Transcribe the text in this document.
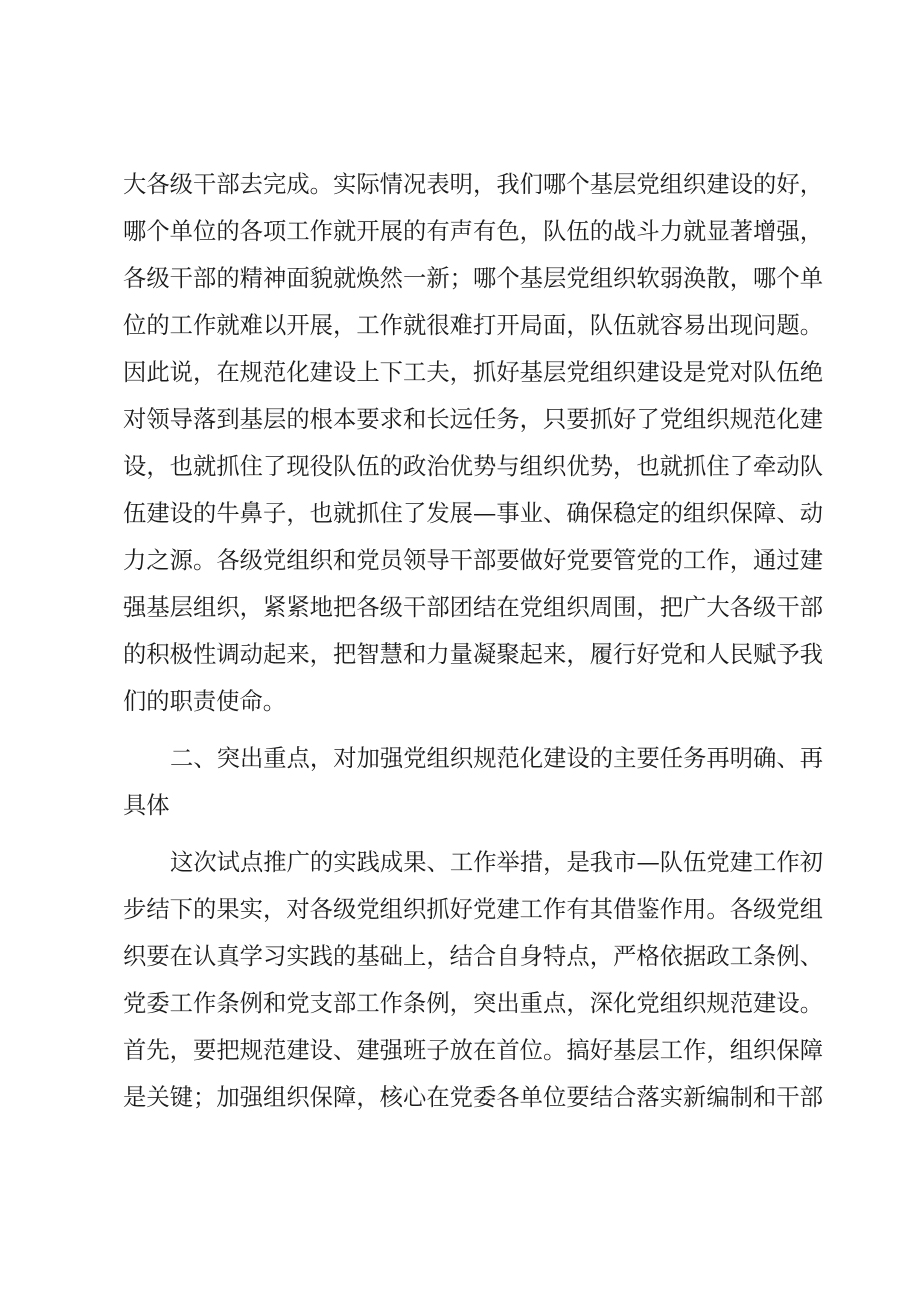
大各级干部去完成。实际情况表明，我们哪个基层党组织建设的好，
哪个单位的各项工作就开展的有声有色，队伍的战斗力就显著增强，
各级干部的精神面貌就焕然一新；哪个基层党组织软弱涣散，哪个单
位的工作就难以开展，工作就很难打开局面，队伍就容易出现问题。
因此说，在规范化建设上下工夫，抓好基层党组织建设是党对队伍绝
对领导落到基层的根本要求和长远任务，只要抓好了党组织规范化建
设，也就抓住了现役队伍的政治优势与组织优势，也就抓住了牵动队
伍建设的牛鼻子，也就抓住了发展—事业、确保稳定的组织保障、动
力之源。各级党组织和党员领导干部要做好党要管党的工作，通过建
强基层组织，紧紧地把各级干部团结在党组织周围，把广大各级干部
的积极性调动起来，把智慧和力量凝聚起来，履行好党和人民赋予我
们的职责使命。
二、突出重点，对加强党组织规范化建设的主要任务再明确、再
具体
这次试点推广的实践成果、工作举措，是我市—队伍党建工作初
步结下的果实，对各级党组织抓好党建工作有其借鉴作用。各级党组
织要在认真学习实践的基础上，结合自身特点，严格依据政工条例、
党委工作条例和党支部工作条例，突出重点，深化党组织规范建设。
首先，要把规范建设、建强班子放在首位。搞好基层工作，组织保障
是关键；加强组织保障，核心在党委各单位要结合落实新编制和干部
